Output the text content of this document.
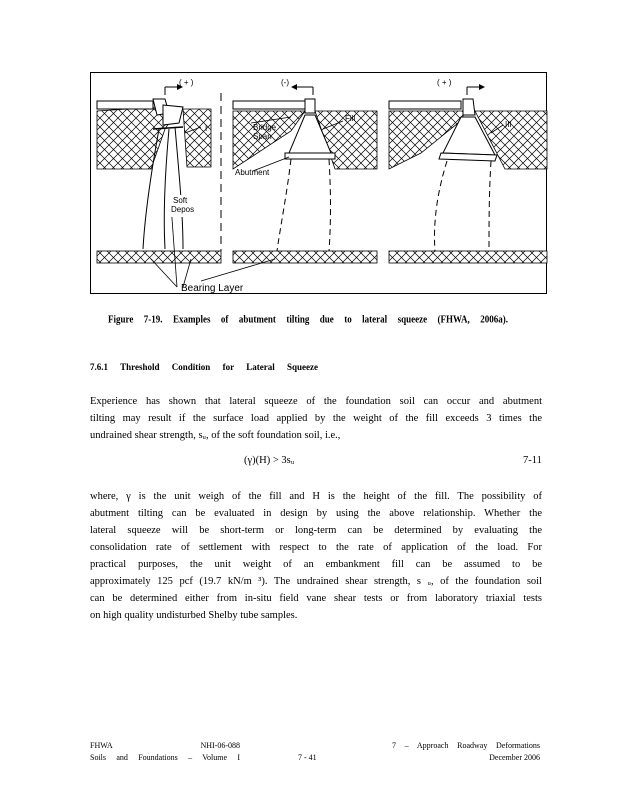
( + )	(-)	( + )
I	III
Bridge
Span
Fill
Abutment
Soft
Depos
Bearing Layer
Figure 7-19. Examples of abutment tilting due to lateral squeeze (FHWA, 2006a).
7.6.1 Threshold Condition for Lateral Squeeze
Experience has shown that lateral squeeze of the foundation soil can occur and abutment
tilting may result if the surface load applied by the weight of the fill exceeds 3 times the
undrained shear strength, sᵤ, of the soft foundation soil, i.e.,
(γ)(H) > 3sᵤ	7-11
where, γ is the unit weigh of the fill and H is the height of the fill. The possibility of
abutment tilting can be evaluated in design by using the above relationship. Whether the
lateral squeeze will be short-term or long-term can be determined by evaluating the
consolidation rate of settlement with respect to the rate of application of the load. For
practical purposes, the unit weight of an embankment fill can be assumed to be
approximately 125 pcf (19.7 kN/m ³). The undrained shear strength, s ᵤ, of the foundation soil
can be determined either from in-situ field vane shear tests or from laboratory triaxial tests
on high quality undisturbed Shelby tube samples.
FHWA NHI-06-088
Soils and Foundations – Volume I	7 - 41
7 – Approach Roadway Deformations
December 2006
